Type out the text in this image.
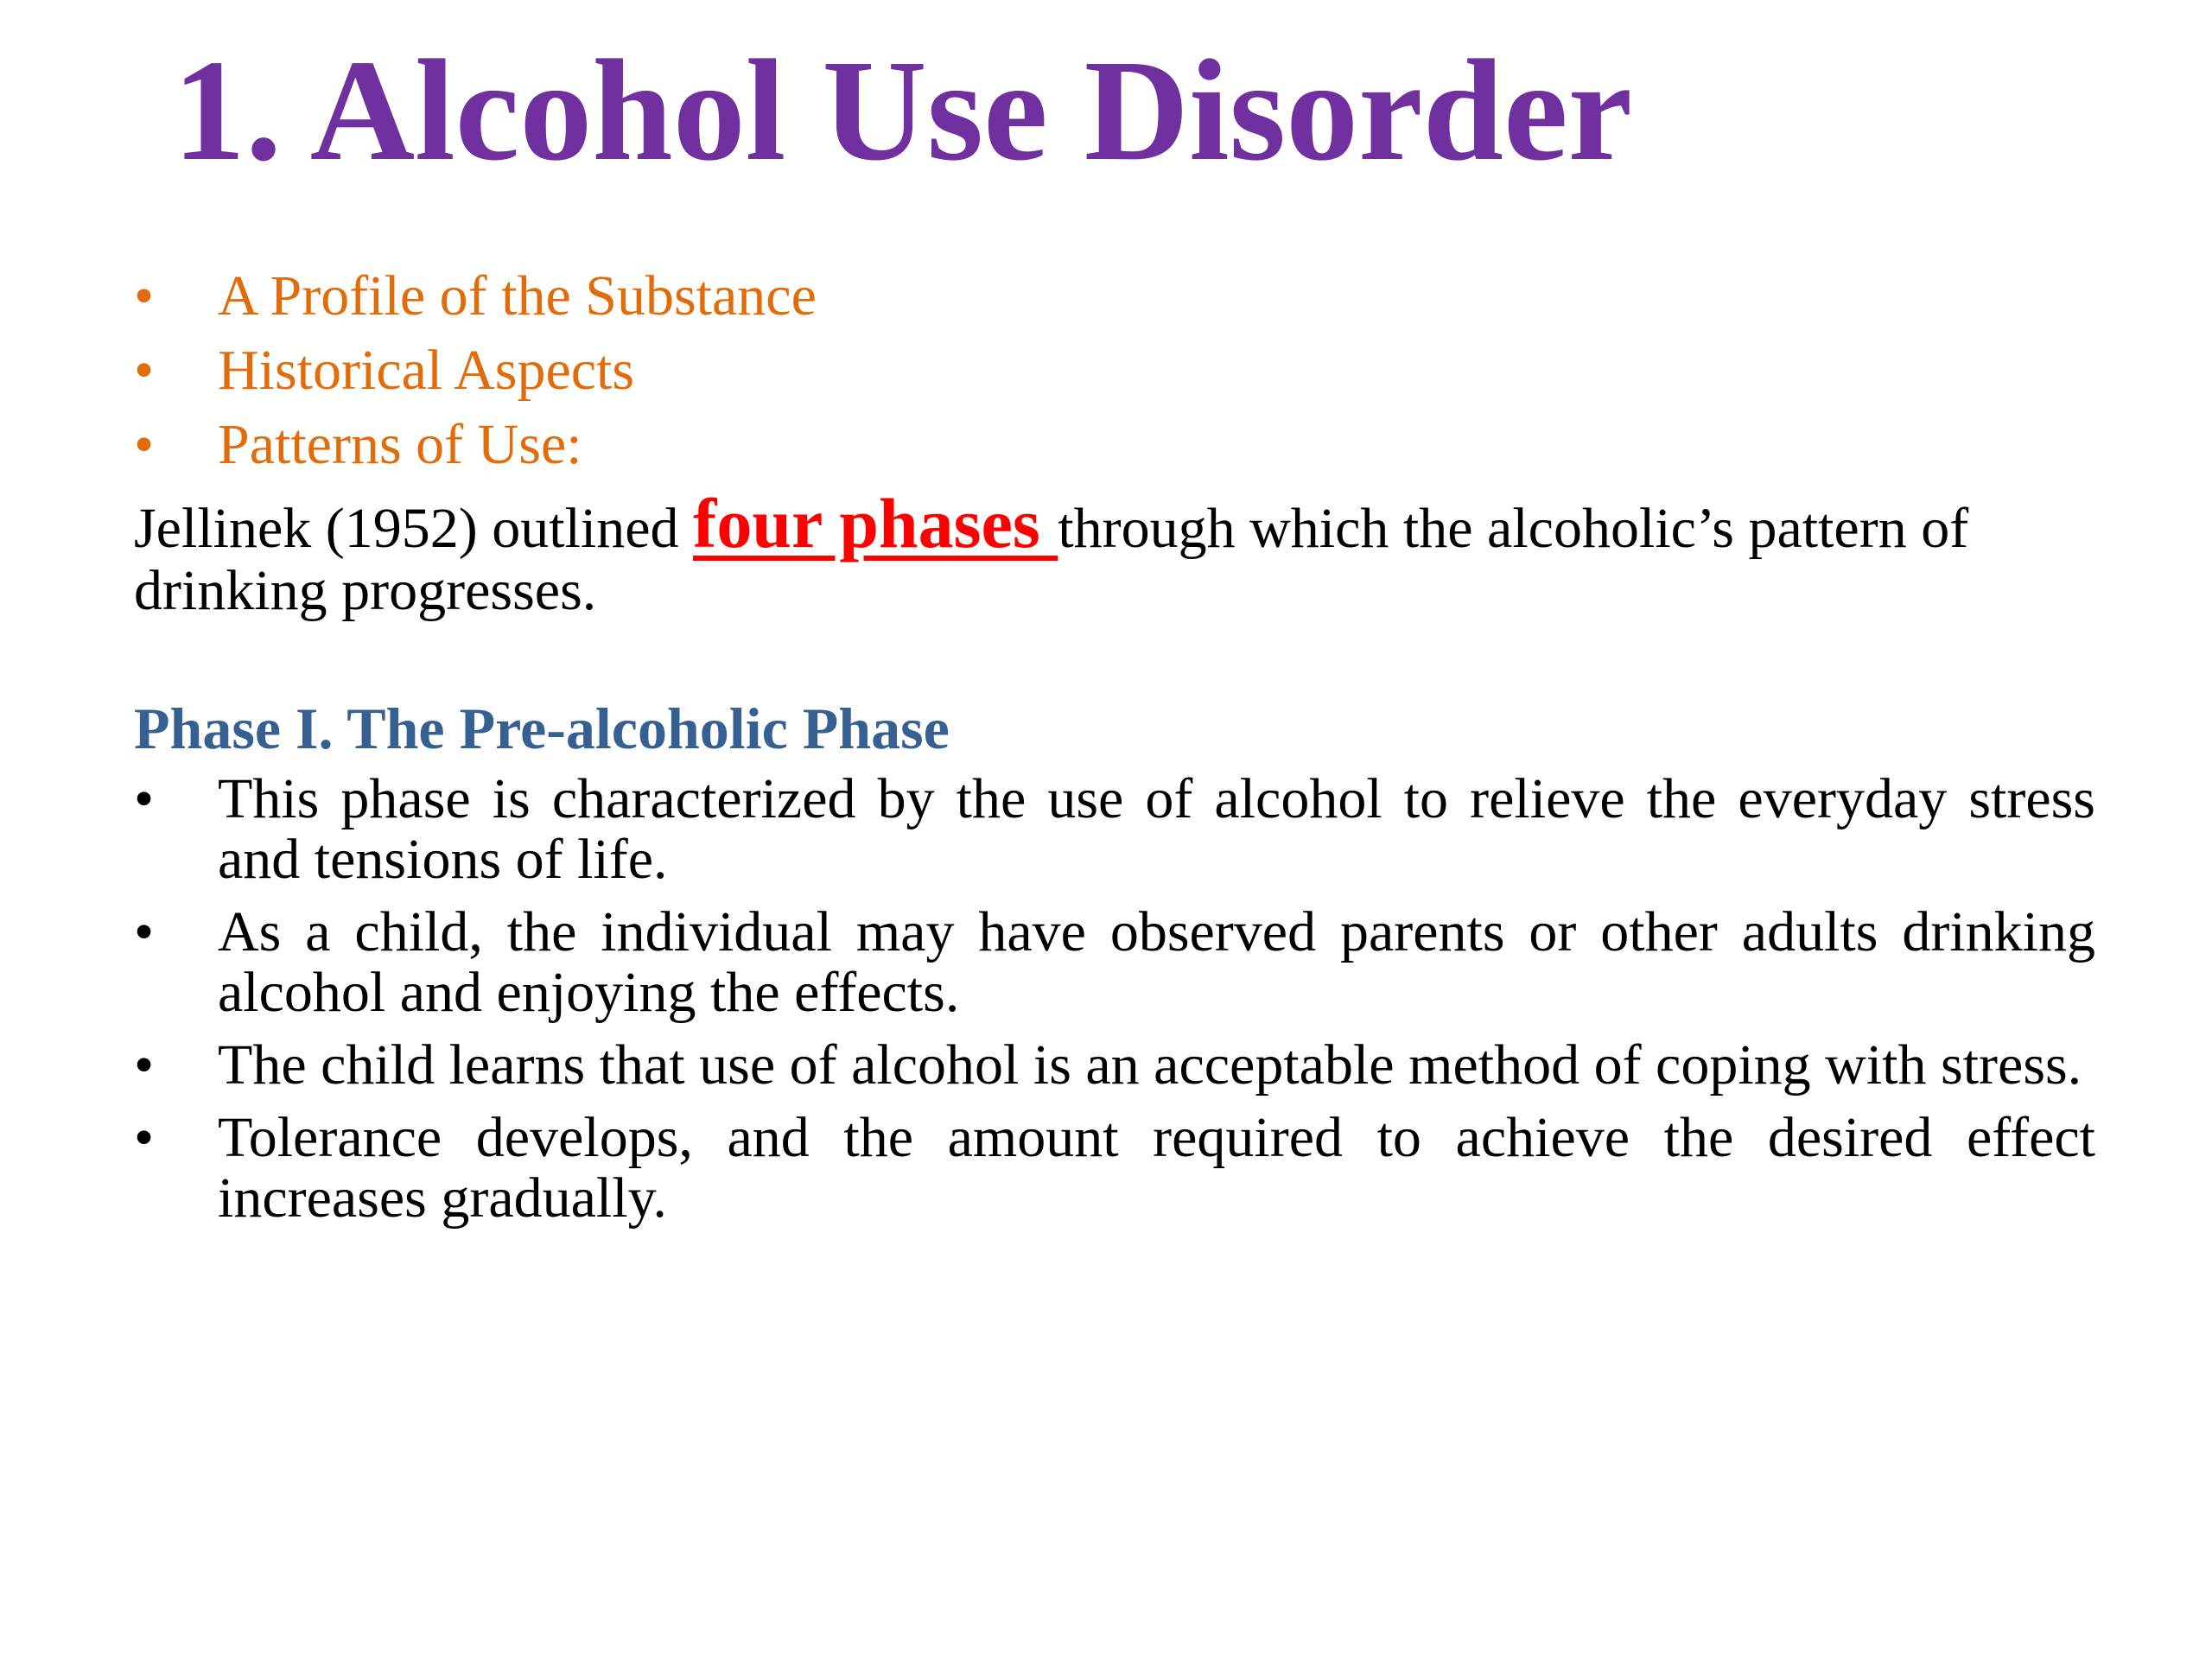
1. Alcohol Use Disorder
• A Profile of the Substance
• Historical Aspects
• Patterns of Use:

Jellinek (1952) outlined four phases through which the alcoholic’s pattern of drinking progresses.

Phase I. The Pre-alcoholic Phase
• This phase is characterized by the use of alcohol to relieve the everyday stress and tensions of life.
• As a child, the individual may have observed parents or other adults drinking alcohol and enjoying the effects.
• The child learns that use of alcohol is an acceptable method of coping with stress.
• Tolerance develops, and the amount required to achieve the desired effect increases gradually.
